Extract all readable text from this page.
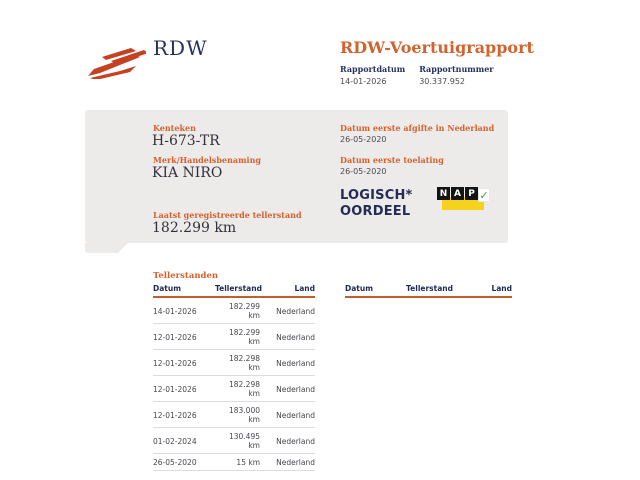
RDW	RDW-Voertuigrapport
Rapportdatum
14-01-2026
Rapportnummer
30.337.952
Kenteken
H-673-TR
Merk/Handelsbenaming
KIA NIRO
Laatst geregistreerde tellerstand
182.299 km
Datum eerste afgifte in Nederland
26-05-2020
Datum eerste toelating
26-05-2020
LOGISCH*
OORDEEL
N A P ✓
Tellerstanden
Datum	Tellerstand	Land
14-01-2026	182.299 km	Nederland
12-01-2026	182.299 km	Nederland
12-01-2026	182.298 km	Nederland
12-01-2026	182.298 km	Nederland
12-01-2026	183.000 km	Nederland
01-02-2024	130.495 km	Nederland
26-05-2020	15 km	Nederland
Datum	Tellerstand	Land
